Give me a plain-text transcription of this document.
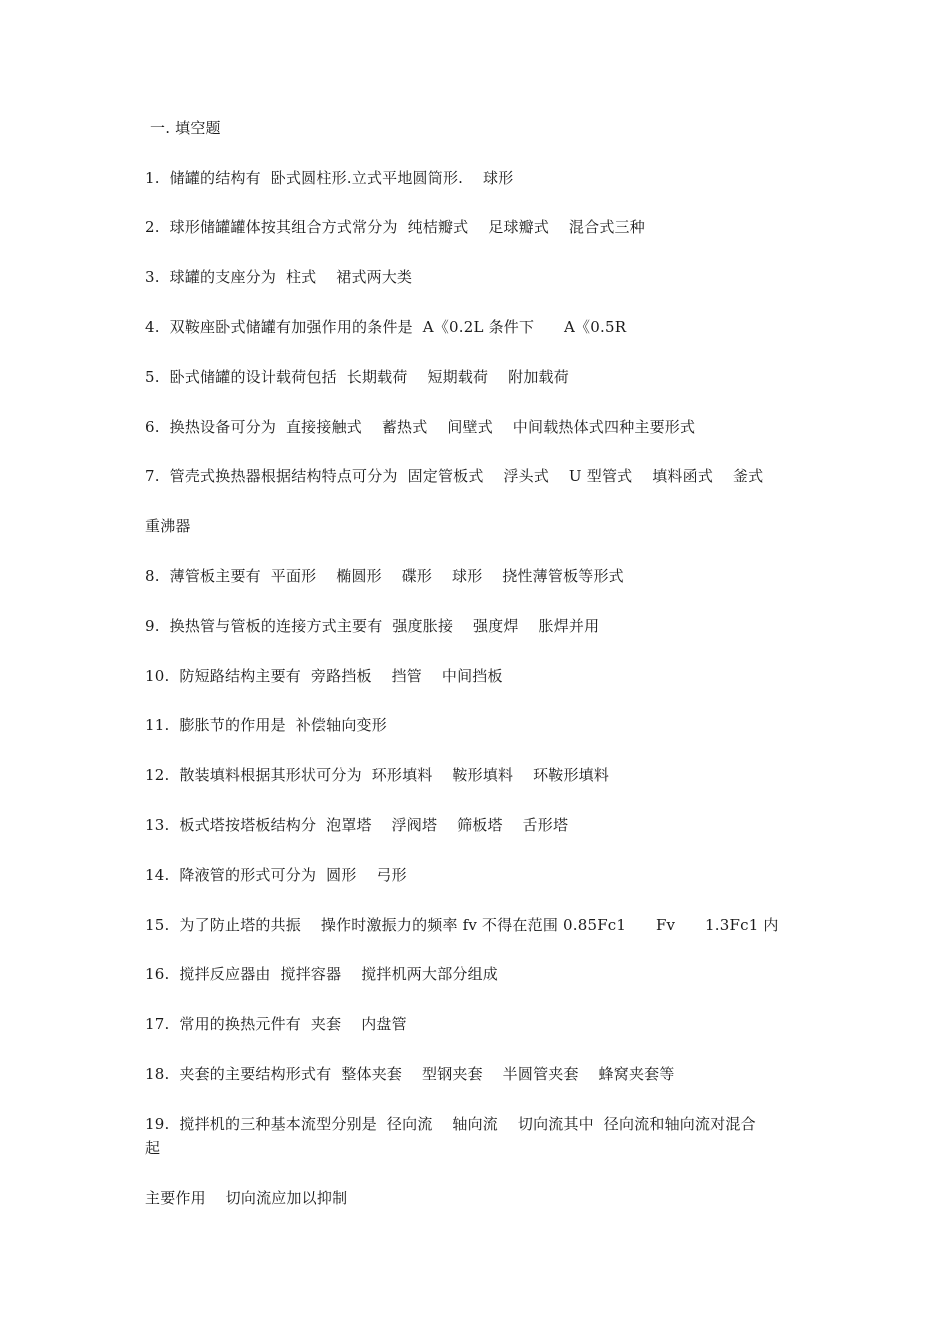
一. 填空题
1.  储罐的结构有  卧式圆柱形.立式平地圆筒形.    球形
2.  球形储罐罐体按其组合方式常分为  纯桔瓣式    足球瓣式    混合式三种
3.  球罐的支座分为  柱式    裙式两大类
4.  双鞍座卧式储罐有加强作用的条件是  A《0.2L 条件下      A《0.5R
5.  卧式储罐的设计载荷包括  长期载荷    短期载荷    附加载荷
6.  换热设备可分为  直接接触式    蓄热式    间壁式    中间载热体式四种主要形式
7.  管壳式换热器根据结构特点可分为  固定管板式    浮头式    U 型管式    填料函式    釜式
重沸器
8.  薄管板主要有  平面形    椭圆形    碟形    球形    挠性薄管板等形式
9.  换热管与管板的连接方式主要有  强度胀接    强度焊    胀焊并用
10.  防短路结构主要有  旁路挡板    挡管    中间挡板
11.  膨胀节的作用是  补偿轴向变形
12.  散装填料根据其形状可分为  环形填料    鞍形填料    环鞍形填料
13.  板式塔按塔板结构分  泡罩塔    浮阀塔    筛板塔    舌形塔
14.  降液管的形式可分为  圆形    弓形
15.  为了防止塔的共振    操作时激振力的频率 fv 不得在范围 0.85Fc1      Fv      1.3Fc1 内
16.  搅拌反应器由  搅拌容器    搅拌机两大部分组成
17.  常用的换热元件有  夹套    内盘管
18.  夹套的主要结构形式有  整体夹套    型钢夹套    半圆管夹套    蜂窝夹套等
19.  搅拌机的三种基本流型分别是  径向流    轴向流    切向流其中  径向流和轴向流对混合
起
主要作用    切向流应加以抑制
